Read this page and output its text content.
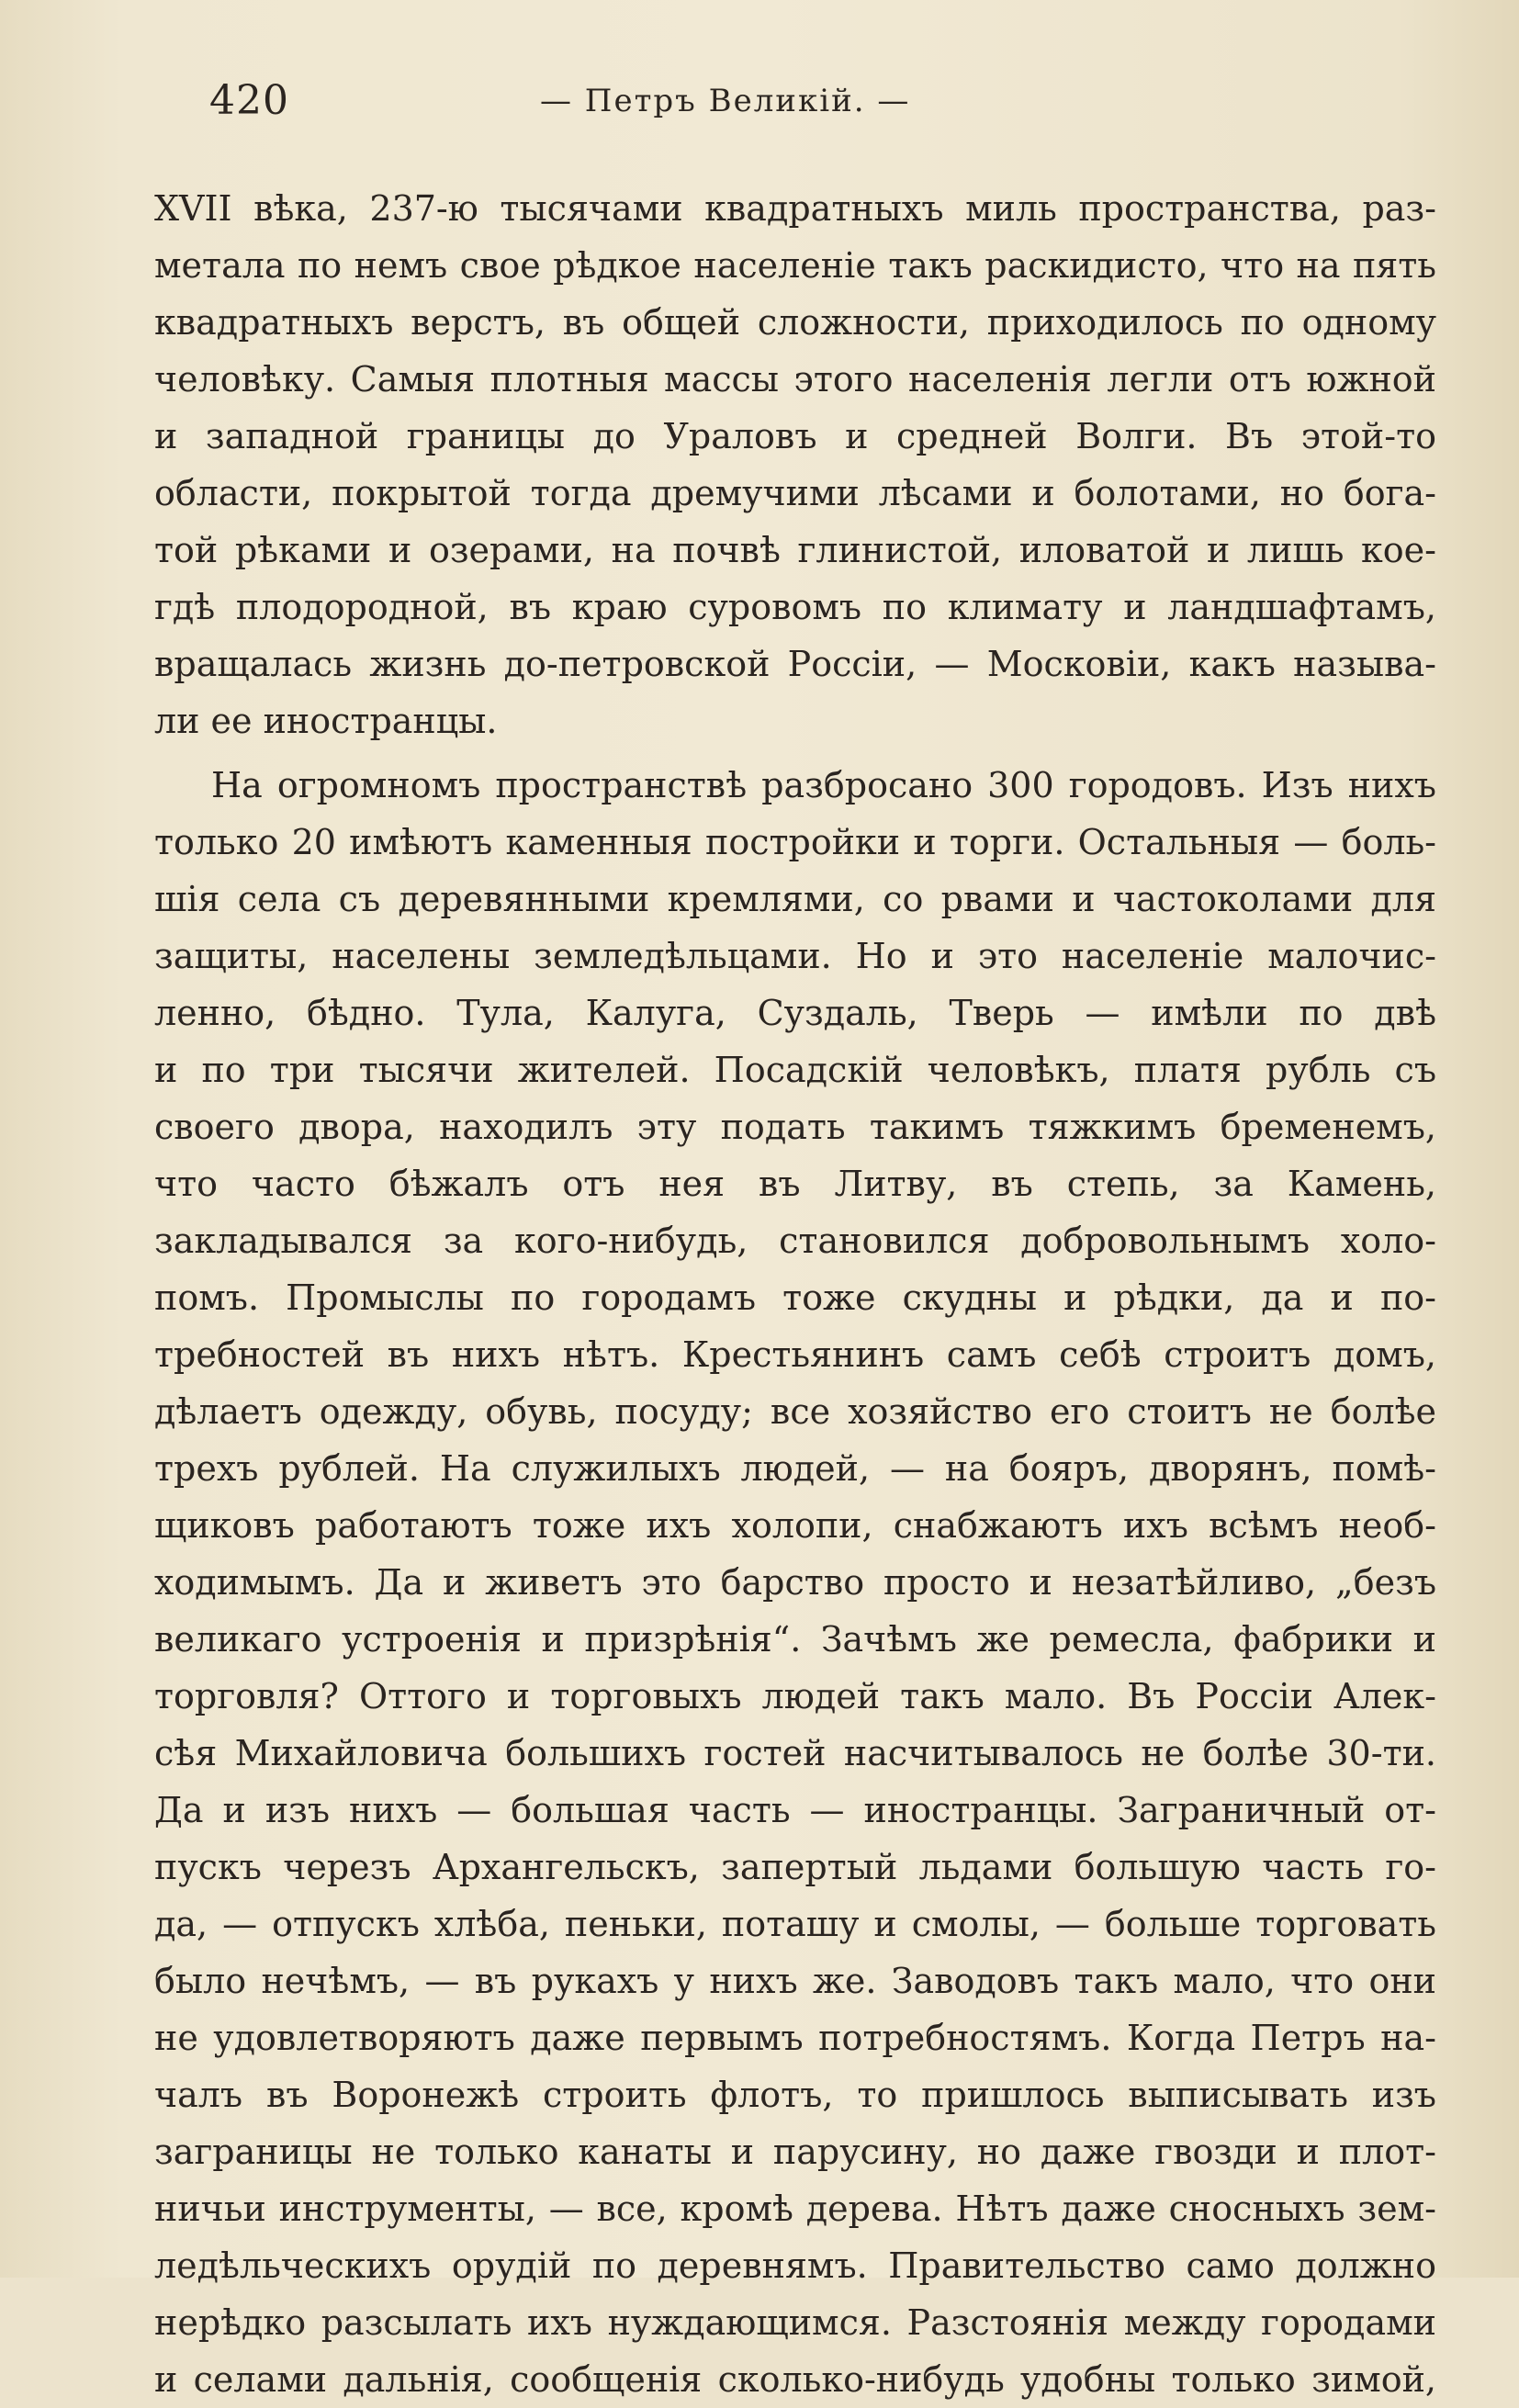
420	— Петръ Великій. —
XVII вѣка, 237-ю тысячами квадратныхъ миль пространства, раз-
метала по немъ свое рѣдкое населеніе такъ раскидисто, что на пять
квадратныхъ верстъ, въ общей сложности, приходилось по одному
человѣку. Самыя плотныя массы этого населенія легли отъ южной
и западной границы до Ураловъ и средней Волги. Въ этой-то
области, покрытой тогда дремучими лѣсами и болотами, но бога-
той рѣками и озерами, на почвѣ глинистой, иловатой и лишь кое-
гдѣ плодородной, въ краю суровомъ по климату и ландшафтамъ,
вращалась жизнь до-петровской Россіи, — Московіи, какъ называ-
ли ее иностранцы.
На огромномъ пространствѣ разбросано 300 городовъ. Изъ нихъ
только 20 имѣютъ каменныя постройки и торги. Остальныя — боль-
шія села съ деревянными кремлями, со рвами и частоколами для
защиты, населены земледѣльцами. Но и это населеніе малочис-
ленно, бѣдно. Тула, Калуга, Суздаль, Тверь — имѣли по двѣ
и по три тысячи жителей. Посадскій человѣкъ, платя рубль съ
своего двора, находилъ эту подать такимъ тяжкимъ бременемъ,
что часто бѣжалъ отъ нея въ Литву, въ степь, за Камень,
закладывался за кого-нибудь, становился добровольнымъ холо-
помъ. Промыслы по городамъ тоже скудны и рѣдки, да и по-
требностей въ нихъ нѣтъ. Крестьянинъ самъ себѣ строитъ домъ,
дѣлаетъ одежду, обувь, посуду; все хозяйство его стоитъ не болѣе
трехъ рублей. На служилыхъ людей, — на бояръ, дворянъ, помѣ-
щиковъ работаютъ тоже ихъ холопи, снабжаютъ ихъ всѣмъ необ-
ходимымъ. Да и живетъ это барство просто и незатѣйливо, „безъ
великаго устроенія и призрѣнія“. Зачѣмъ же ремесла, фабрики и
торговля? Оттого и торговыхъ людей такъ мало. Въ Россіи Алек-
сѣя Михайловича большихъ гостей насчитывалось не болѣе 30-ти.
Да и изъ нихъ — большая часть — иностранцы. Заграничный от-
пускъ черезъ Архангельскъ, запертый льдами большую часть го-
да, — отпускъ хлѣба, пеньки, поташу и смолы, — больше торговать
было нечѣмъ, — въ рукахъ у нихъ же. Заводовъ такъ мало, что они
не удовлетворяютъ даже первымъ потребностямъ. Когда Петръ на-
чалъ въ Воронежѣ строить флотъ, то пришлось выписывать изъ
заграницы не только канаты и парусину, но даже гвозди и плот-
ничьи инструменты, — все, кромѣ дерева. Нѣтъ даже сносныхъ зем-
ледѣльческихъ орудій по деревнямъ. Правительство само должно
нерѣдко разсылать ихъ нуждающимся. Разстоянія между городами
и селами дальнія, сообщенія сколько-нибудь удобны только зимой,
